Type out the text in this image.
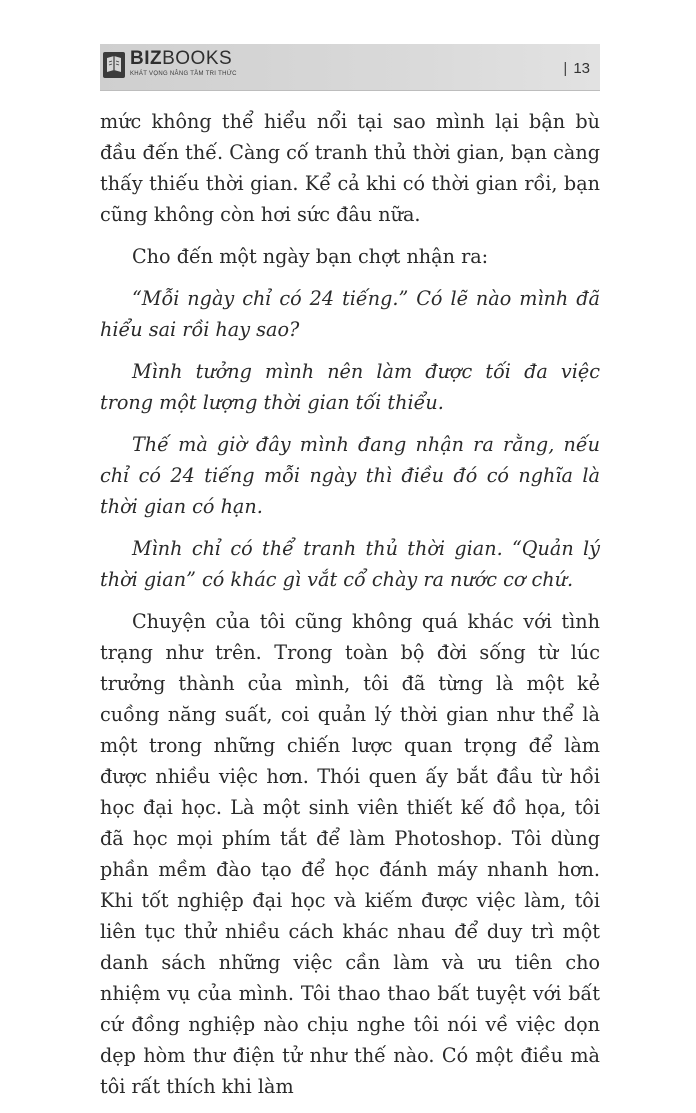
BIZBOOKS
KHÁT VỌNG NÂNG TẦM TRI THỨC	| 13

mức không thể hiểu nổi tại sao mình lại bận bù đầu đến thế. Càng cố tranh thủ thời gian, bạn càng thấy thiếu thời gian. Kể cả khi có thời gian rồi, bạn cũng không còn hơi sức đâu nữa.

Cho đến một ngày bạn chợt nhận ra:

“Mỗi ngày chỉ có 24 tiếng.” Có lẽ nào mình đã hiểu sai rồi hay sao?

Mình tưởng mình nên làm được tối đa việc trong một lượng thời gian tối thiểu.

Thế mà giờ đây mình đang nhận ra rằng, nếu chỉ có 24 tiếng mỗi ngày thì điều đó có nghĩa là thời gian có hạn.

Mình chỉ có thể tranh thủ thời gian. “Quản lý thời gian” có khác gì vắt cổ chày ra nước cơ chứ.

Chuyện của tôi cũng không quá khác với tình trạng như trên. Trong toàn bộ đời sống từ lúc trưởng thành của mình, tôi đã từng là một kẻ cuồng năng suất, coi quản lý thời gian như thể là một trong những chiến lược quan trọng để làm được nhiều việc hơn. Thói quen ấy bắt đầu từ hồi học đại học. Là một sinh viên thiết kế đồ họa, tôi đã học mọi phím tắt để làm Photoshop. Tôi dùng phần mềm đào tạo để học đánh máy nhanh hơn. Khi tốt nghiệp đại học và kiếm được việc làm, tôi liên tục thử nhiều cách khác nhau để duy trì một danh sách những việc cần làm và ưu tiên cho nhiệm vụ của mình. Tôi thao thao bất tuyệt với bất cứ đồng nghiệp nào chịu nghe tôi nói về việc dọn dẹp hòm thư điện tử như thế nào. Có một điều mà tôi rất thích khi làm
